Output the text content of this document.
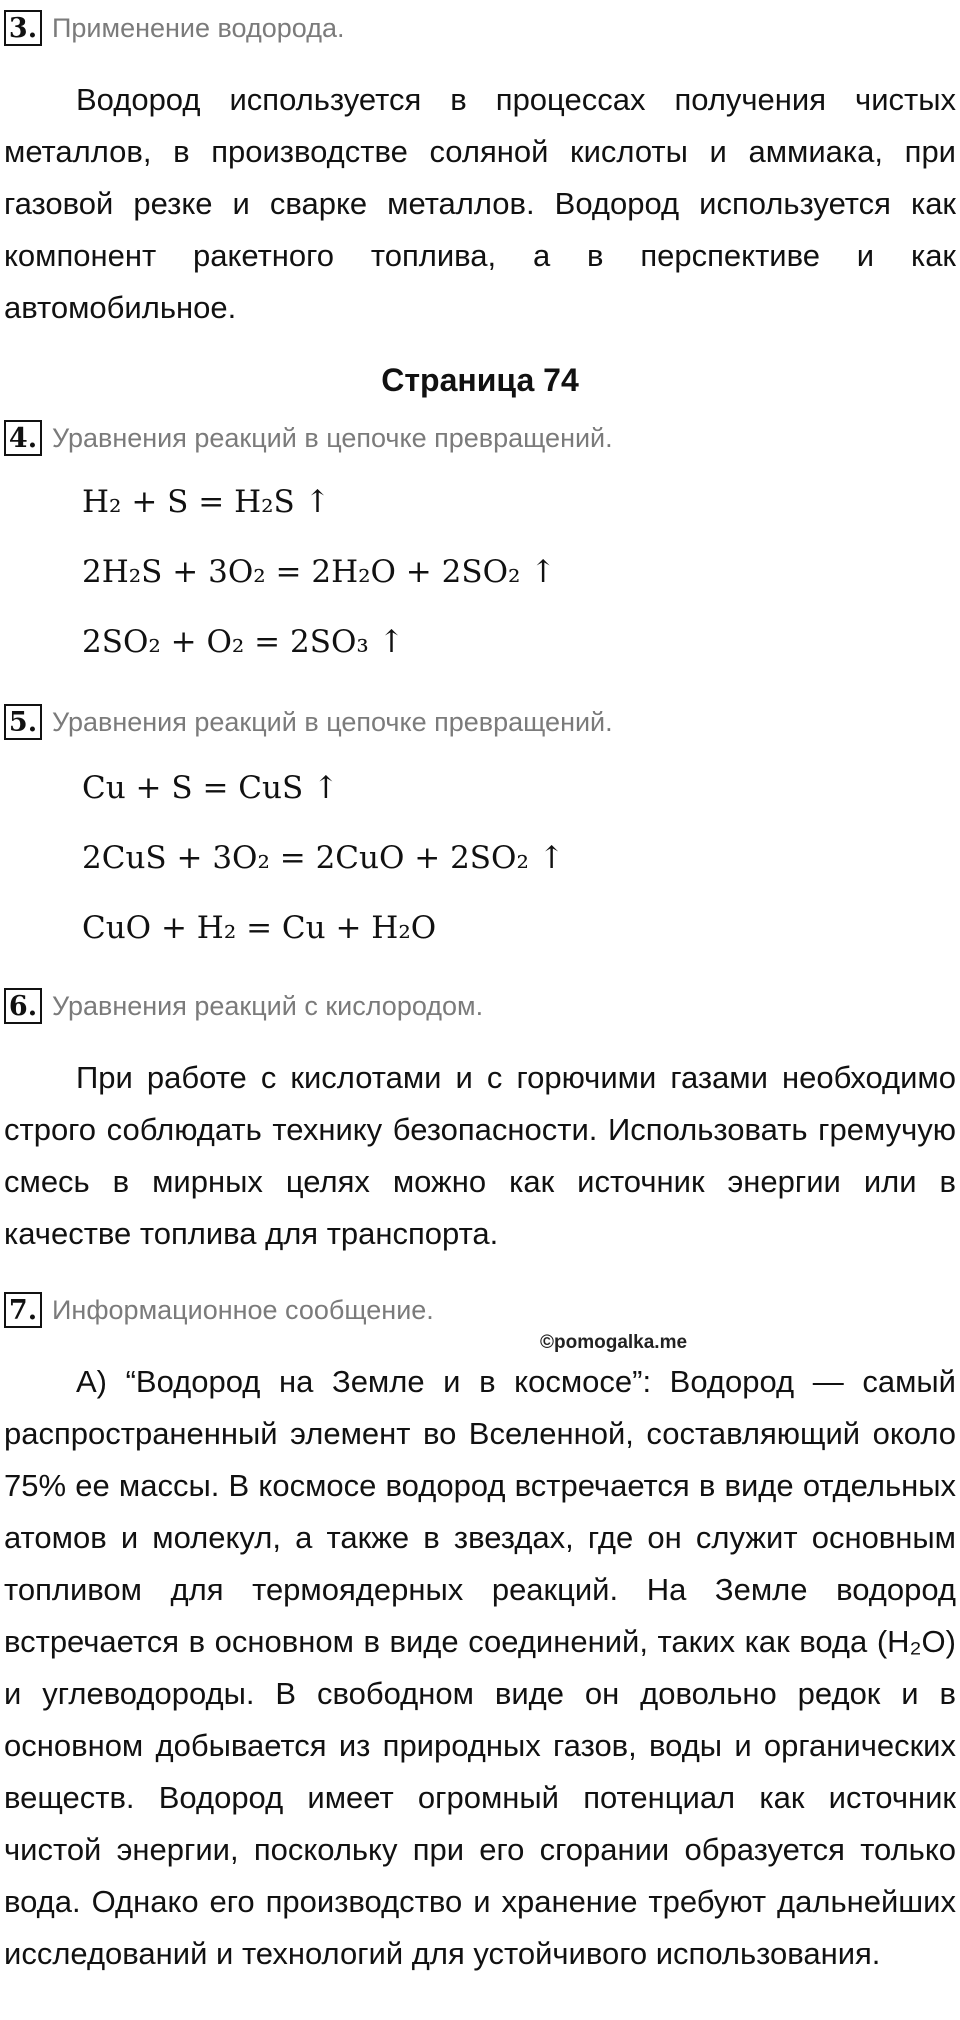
3. Применение водорода.

Водород используется в процессах получения чистых металлов, в производстве соляной кислоты и аммиака, при газовой резке и сварке металлов. Водород используется как компонент ракетного топлива, а в перспективе и как автомобильное.

Страница 74
4. Уравнения реакций в цепочке превращений.
H₂ + S = H₂S ↑
2H₂S + 3O₂ = 2H₂O + 2SO₂ ↑
2SO₂ + O₂ = 2SO₃ ↑
5. Уравнения реакций в цепочке превращений.
Cu + S = CuS ↑
2CuS + 3O₂ = 2CuO + 2SO₂ ↑
CuO + H₂ = Cu + H₂O
6. Уравнения реакций с кислородом.

При работе с кислотами и с горючими газами необходимо строго соблюдать технику безопасности. Использовать гремучую смесь в мирных целях можно как источник энергии или в качестве топлива для транспорта.

7. Информационное сообщение.
©pomogalka.me

А) “Водород на Земле и в космосе”: Водород — самый распространенный элемент во Вселенной, составляющий около 75% ее массы. В космосе водород встречается в виде отдельных атомов и молекул, а также в звездах, где он служит основным топливом для термоядерных реакций. На Земле водород встречается в основном в виде соединений, таких как вода (H₂O) и углеводороды. В свободном виде он довольно редок и в основном добывается из природных газов, воды и органических веществ. Водород имеет огромный потенциал как источник чистой энергии, поскольку при его сгорании образуется только вода. Однако его производство и хранение требуют дальнейших исследований и технологий для устойчивого использования.
